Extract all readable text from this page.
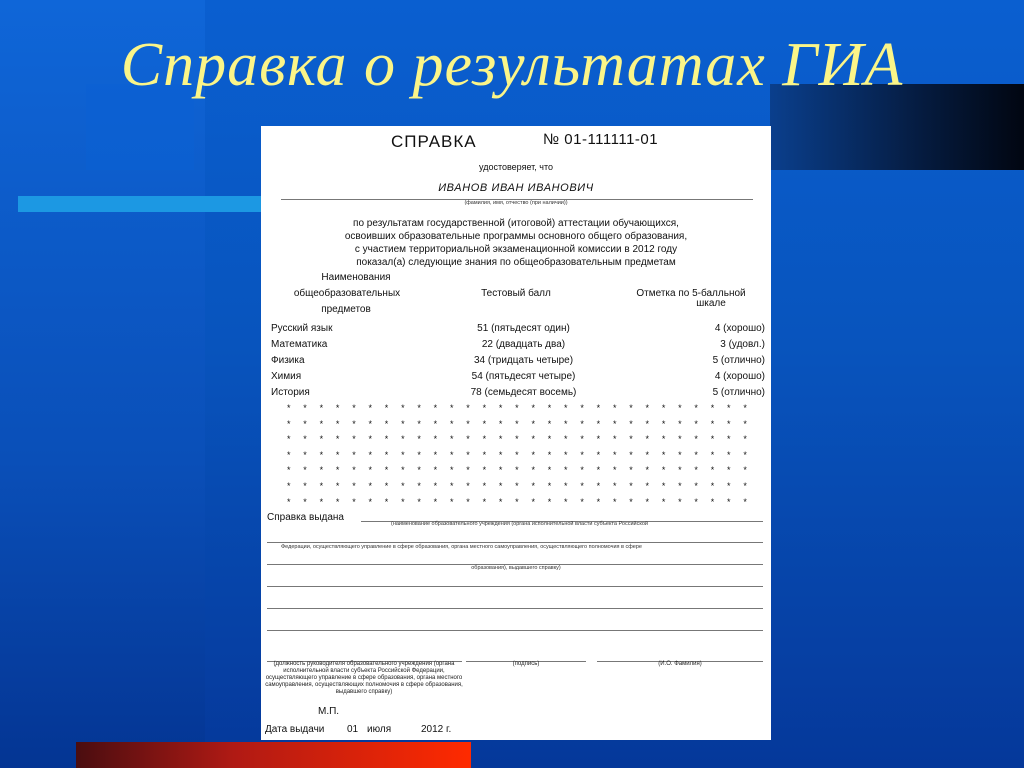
Справка о результатах ГИА
СПРАВКА	№ 01-111111-01
удостоверяет, что
ИВАНОВ ИВАН ИВАНОВИЧ
(фамилия, имя, отчество (при наличии))
по результатам государственной (итоговой) аттестации обучающихся,
освоивших образовательные программы основного общего образования,
с участием территориальной экзаменационной комиссии в 2012 году
показал(а) следующие знания по общеобразовательным предметам
Наименования
общеобразовательных
предметов
Тестовый балл	Отметка по 5-балльной
шкале
Русский язык	51 (пятьдесят один)	4 (хорошо)
Математика	22 (двадцать два)	3 (удовл.)
Физика	34 (тридцать четыре)	5 (отлично)
Химия	54 (пятьдесят четыре)	4 (хорошо)
История	78 (семьдесят восемь)	5 (отлично)
* * * * * * * * * * * * * * * * * * * * * * * * * * * * *
* * * * * * * * * * * * * * * * * * * * * * * * * * * * *
* * * * * * * * * * * * * * * * * * * * * * * * * * * * *
* * * * * * * * * * * * * * * * * * * * * * * * * * * * *
* * * * * * * * * * * * * * * * * * * * * * * * * * * * *
* * * * * * * * * * * * * * * * * * * * * * * * * * * * *
* * * * * * * * * * * * * * * * * * * * * * * * * * * * *
Справка выдана
(наименование образовательного учреждения (органа исполнительной власти субъекта Российской
Федерации, осуществляющего управление в сфере образования, органа местного самоуправления, осуществляющего полномочия в сфере
образования), выдавшего справку)
(должность руководителя образовательного учреждения (органа исполнительной власти субъекта Российской Федерации, осуществляющего управление в сфере образования, органа местного самоуправления, осуществляющих полномочия в сфере образования, выдавшего справку)
(подпись)	(И.О. Фамилия)
М.П.
Дата выдачи 01 июля	2012 г.
